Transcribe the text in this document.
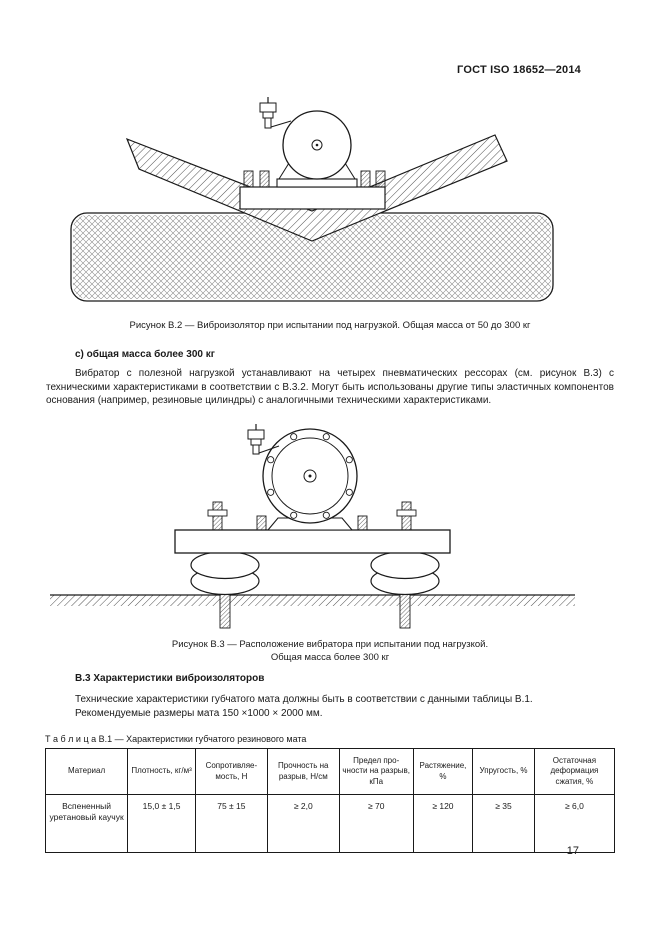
ГОСТ ISO 18652—2014
Рисунок В.2 — Виброизолятор при испытании под нагрузкой. Общая масса от 50 до 300 кг
с) общая масса более 300 кг
Вибратор с полезной нагрузкой устанавливают на четырех пневматических рессорах (см. рисунок В.3) с техническими характеристиками в соответствии с В.3.2. Могут быть использованы другие типы эластичных компонентов основания (например, резиновые цилиндры) с аналогичными техническими характеристиками.
Рисунок В.3 — Расположение вибратора при испытании под нагрузкой.
Общая масса более 300 кг
В.3 Характеристики виброизоляторов
Технические характеристики губчатого мата должны быть в соответствии с данными таблицы В.1.
Рекомендуемые размеры мата 150 ×1000 × 2000 мм.
Т а б л и ц а В.1 — Характеристики губчатого резинового мата
Материал	Плотность, кг/м³	Сопротивляе-мость, Н	Прочность на разрыв, Н/см	Предел про-чности на разрыв, кПа	Растяжение, %	Упругость, %	Остаточная деформация сжатия, %
Вспененный уретановый каучук	15,0 ± 1,5	75 ± 15	≥ 2,0	≥ 70	≥ 120	≥ 35	≥ 6,0
17
